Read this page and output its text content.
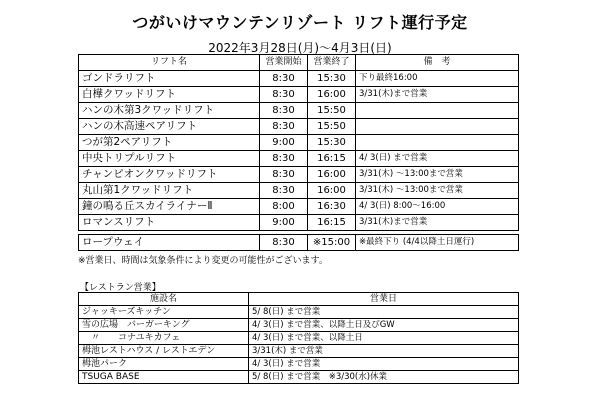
つがいけマウンテンリゾート リフト運行予定
2022年3月28日(月)〜4月3日(日)
リフト名	営業開始	営業終了	備　考
ゴンドラリフト	8:30	15:30	下り最終16:00
白樺クワッドリフト	8:30	16:00	3/31(木)まで営業
ハンの木第3クワッドリフト	8:30	15:50	
ハンの木高速ペアリフト	8:30	15:50	
つが第2ペアリフト	9:00	15:30	
中央トリプルリフト	8:30	16:15	4/ 3(日) まで営業
チャンピオンクワッドリフト	8:30	16:00	3/31(木) 〜13:00まで営業
丸山第1クワッドリフト	8:30	16:00	3/31(木) 〜13:00まで営業
鐘の鳴る丘スカイライナーⅡ	8:00	16:30	4/ 3(日) 8:00〜16:00
ロマンスリフト	9:00	16:15	3/31(木)まで営業
ロープウェイ	8:30	※15:00	※最終下り (4/4以降土日運行)
※営業日、時間は気象条件により変更の可能性がございます。
【レストラン営業】
施設名	営業日
ジャッキーズキッチン	5/ 8(日) まで営業
雪の広場　バーガーキング	4/ 3(日) まで営業、以降土日及びGW
　〃　　コナユキカフェ	4/ 3(日) まで営業、以降土日
栂池レストハウス / レストエデン	3/31(木) まで営業
栂池パーク	4/ 3(日) まで営業
TSUGA BASE	5/ 8(日) まで営業　※3/30(水)休業
